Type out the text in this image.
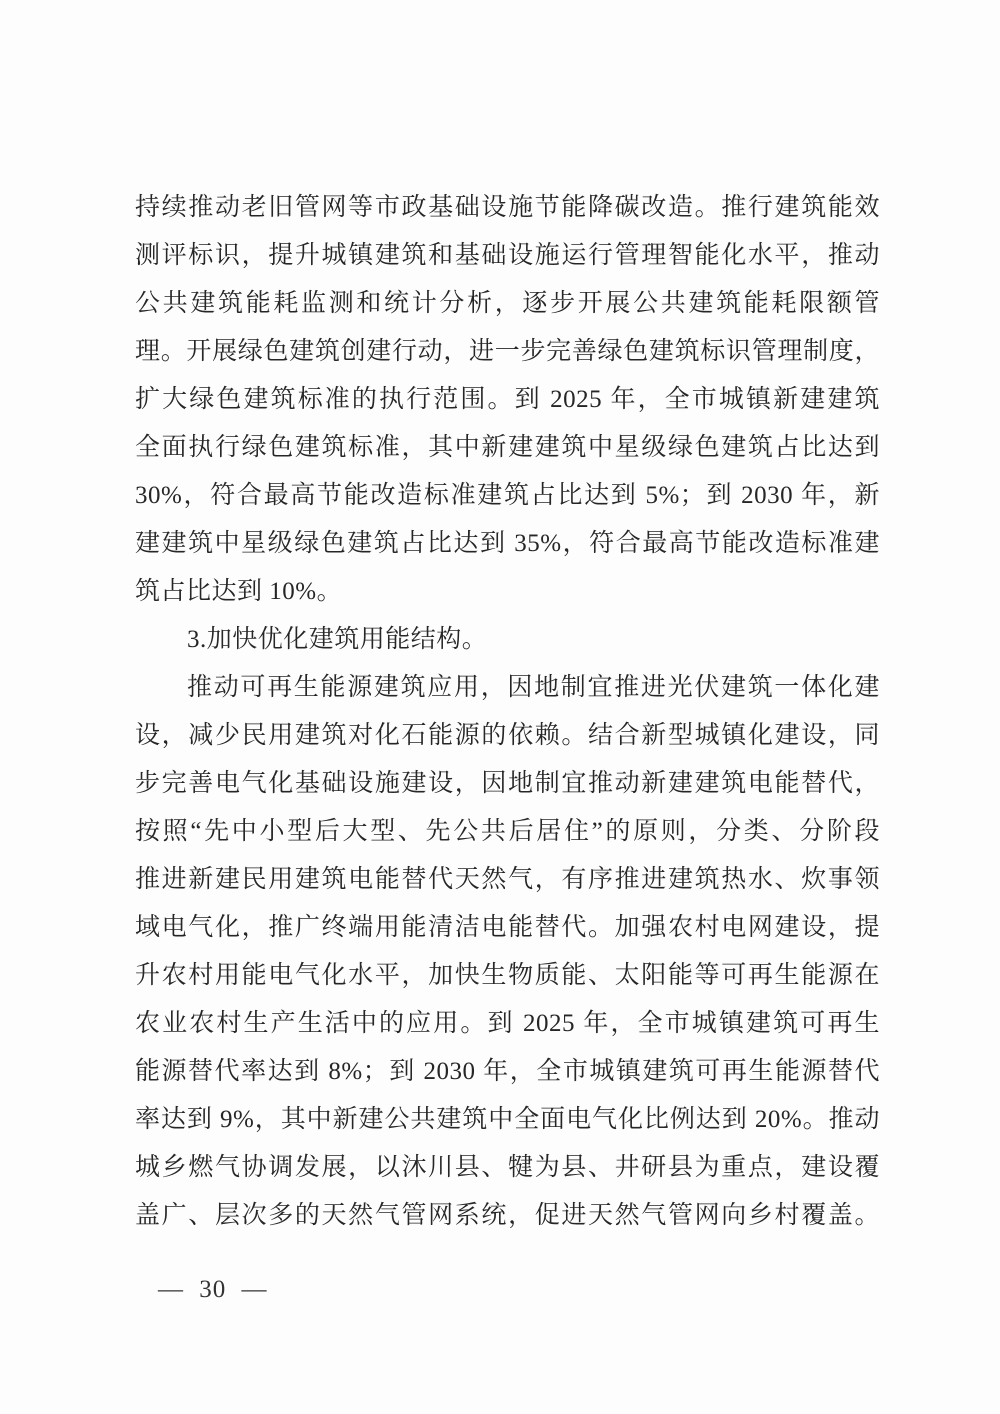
持续推动老旧管网等市政基础设施节能降碳改造。推行建筑能效
测评标识，提升城镇建筑和基础设施运行管理智能化水平，推动
公共建筑能耗监测和统计分析，逐步开展公共建筑能耗限额管
理。开展绿色建筑创建行动，进一步完善绿色建筑标识管理制度，
扩大绿色建筑标准的执行范围。到 2025 年，全市城镇新建建筑
全面执行绿色建筑标准，其中新建建筑中星级绿色建筑占比达到
30%，符合最高节能改造标准建筑占比达到 5%；到 2030 年，新
建建筑中星级绿色建筑占比达到 35%，符合最高节能改造标准建
筑占比达到 10%。
3.加快优化建筑用能结构。
推动可再生能源建筑应用，因地制宜推进光伏建筑一体化建
设，减少民用建筑对化石能源的依赖。结合新型城镇化建设，同
步完善电气化基础设施建设，因地制宜推动新建建筑电能替代，
按照“先中小型后大型、先公共后居住”的原则，分类、分阶段
推进新建民用建筑电能替代天然气，有序推进建筑热水、炊事领
域电气化，推广终端用能清洁电能替代。加强农村电网建设，提
升农村用能电气化水平，加快生物质能、太阳能等可再生能源在
农业农村生产生活中的应用。到 2025 年，全市城镇建筑可再生
能源替代率达到 8%；到 2030 年，全市城镇建筑可再生能源替代
率达到 9%，其中新建公共建筑中全面电气化比例达到 20%。推动
城乡燃气协调发展，以沐川县、犍为县、井研县为重点，建设覆
盖广、层次多的天然气管网系统，促进天然气管网向乡村覆盖。
— 30 —
